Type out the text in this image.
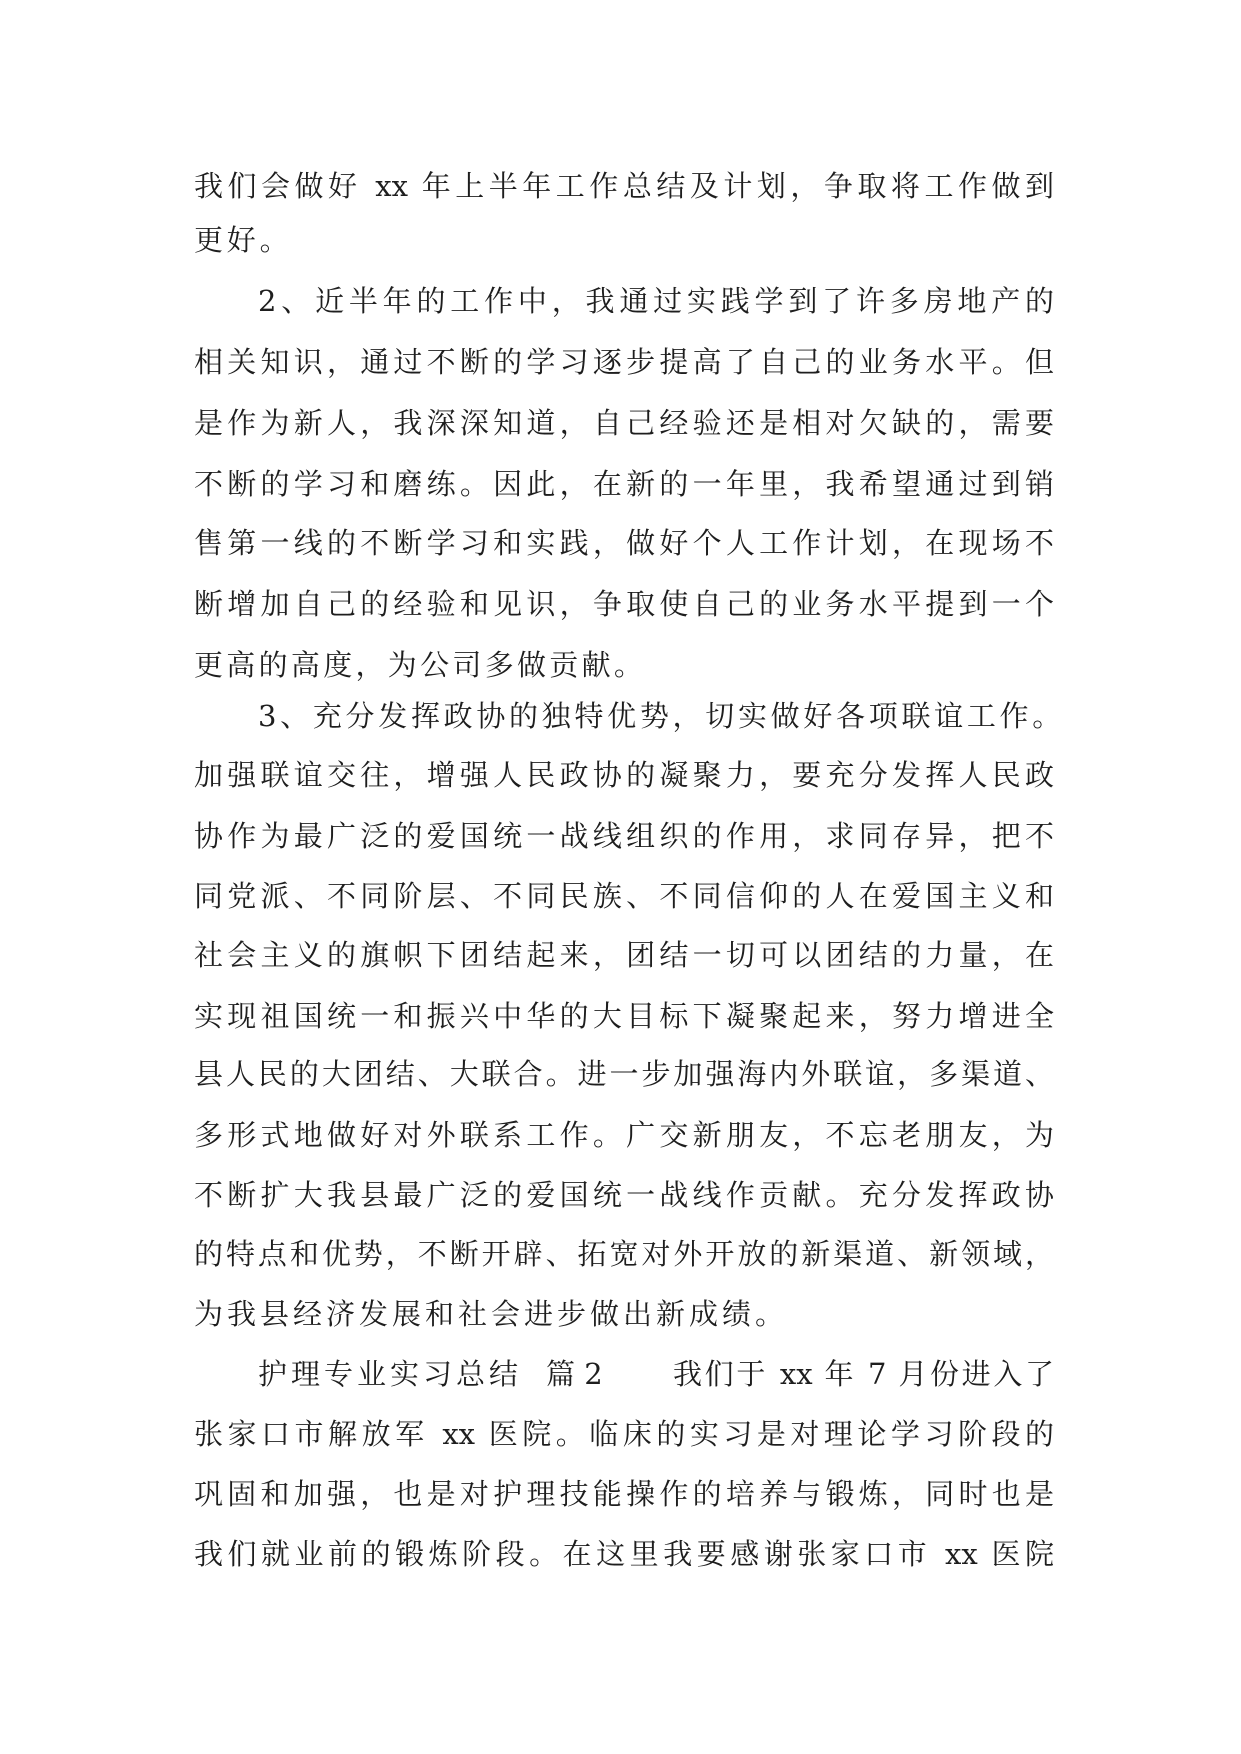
我们会做好 xx 年上半年工作总结及计划，争取将工作做到
更好。
2、近半年的工作中，我通过实践学到了许多房地产的
相关知识，通过不断的学习逐步提高了自己的业务水平。但
是作为新人，我深深知道，自己经验还是相对欠缺的，需要
不断的学习和磨练。因此，在新的一年里，我希望通过到销
售第一线的不断学习和实践，做好个人工作计划，在现场不
断增加自己的经验和见识，争取使自己的业务水平提到一个
更高的高度，为公司多做贡献。
3、充分发挥政协的独特优势，切实做好各项联谊工作。
加强联谊交往，增强人民政协的凝聚力，要充分发挥人民政
协作为最广泛的爱国统一战线组织的作用，求同存异，把不
同党派、不同阶层、不同民族、不同信仰的人在爱国主义和
社会主义的旗帜下团结起来，团结一切可以团结的力量，在
实现祖国统一和振兴中华的大目标下凝聚起来，努力增进全
县人民的大团结、大联合。进一步加强海内外联谊，多渠道、
多形式地做好对外联系工作。广交新朋友，不忘老朋友，为
不断扩大我县最广泛的爱国统一战线作贡献。充分发挥政协
的特点和优势，不断开辟、拓宽对外开放的新渠道、新领域，
为我县经济发展和社会进步做出新成绩。
护理专业实习总结 篇 2 我们于 xx 年 7 月份进入了
张家口市解放军 xx 医院。临床的实习是对理论学习阶段的
巩固和加强，也是对护理技能操作的培养与锻炼，同时也是
我们就业前的锻炼阶段。在这里我要感谢张家口市 xx 医院
